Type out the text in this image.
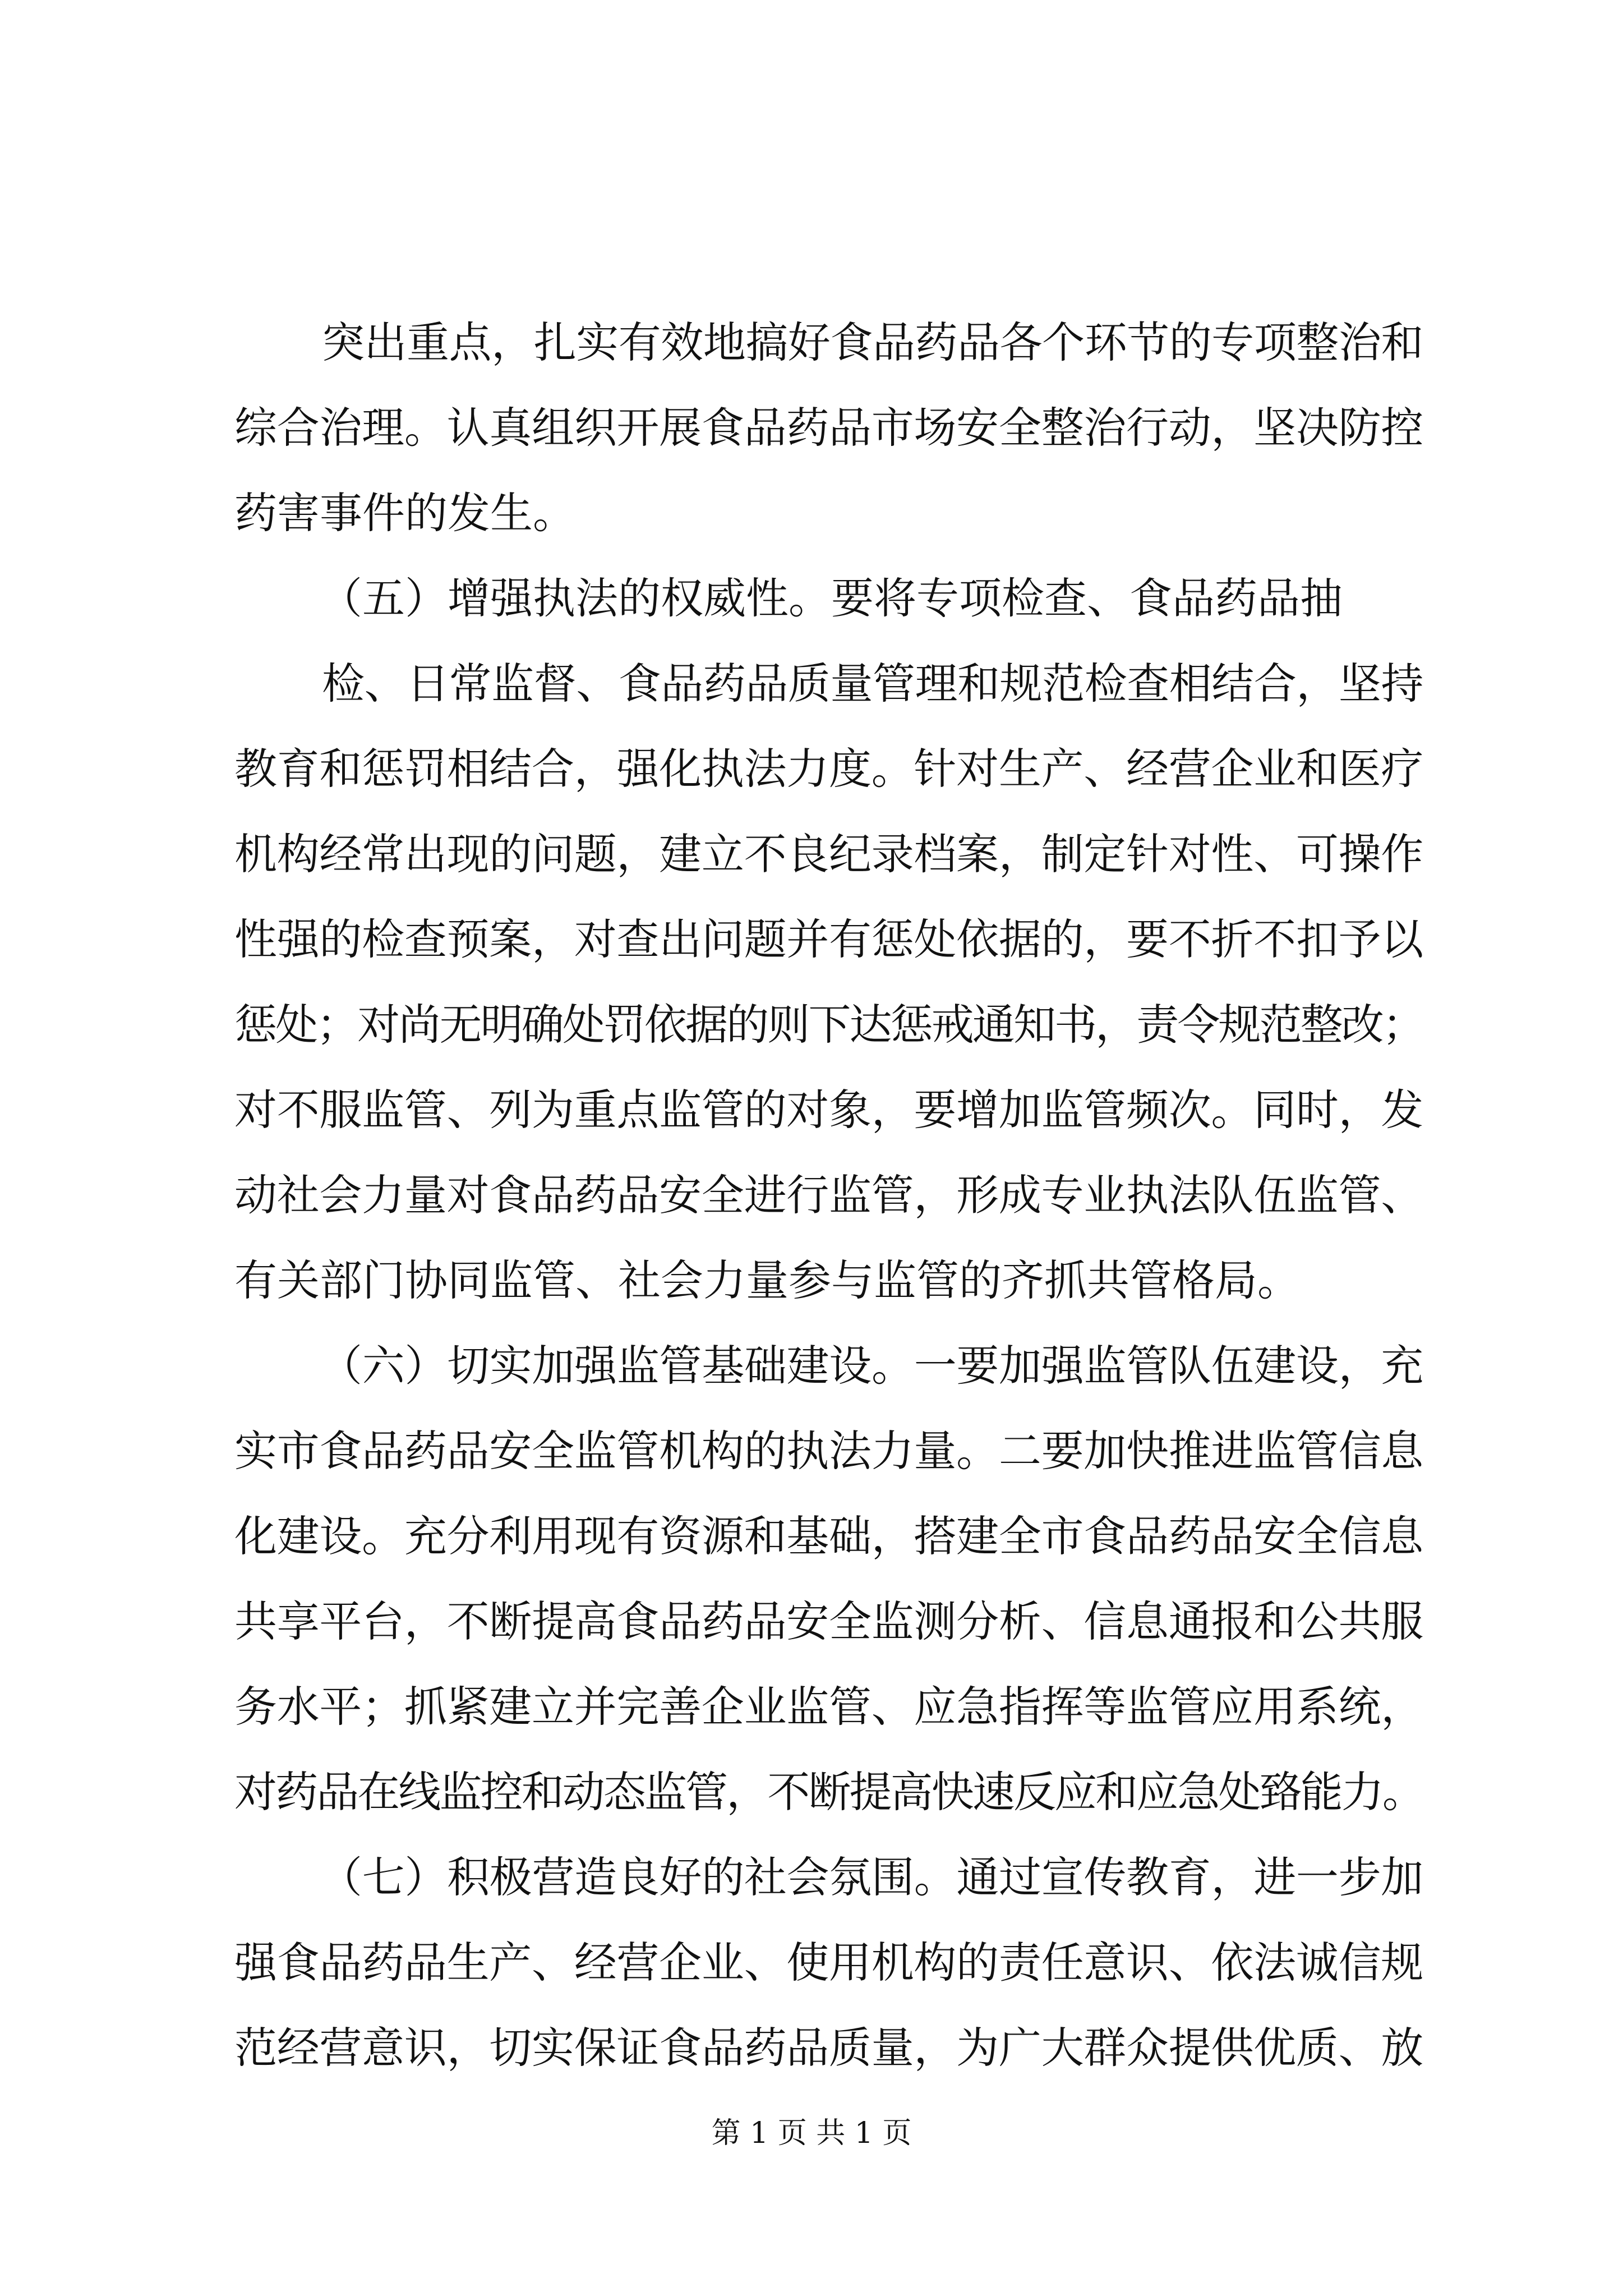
突出重点，扎实有效地搞好食品药品各个环节的专项整治和
综合治理。认真组织开展食品药品市场安全整治行动，坚决防控
药害事件的发生。
（五）增强执法的权威性。要将专项检查、食品药品抽
检、日常监督、食品药品质量管理和规范检查相结合，坚持
教育和惩罚相结合，强化执法力度。针对生产、经营企业和医疗
机构经常出现的问题，建立不良纪录档案，制定针对性、可操作
性强的检查预案，对查出问题并有惩处依据的，要不折不扣予以
惩处；对尚无明确处罚依据的则下达惩戒通知书，责令规范整改；
对不服监管、列为重点监管的对象，要增加监管频次。同时，发
动社会力量对食品药品安全进行监管，形成专业执法队伍监管、
有关部门协同监管、社会力量参与监管的齐抓共管格局。
（六）切实加强监管基础建设。一要加强监管队伍建设，充
实市食品药品安全监管机构的执法力量。二要加快推进监管信息
化建设。充分利用现有资源和基础，搭建全市食品药品安全信息
共享平台，不断提高食品药品安全监测分析、信息通报和公共服
务水平；抓紧建立并完善企业监管、应急指挥等监管应用系统，
对药品在线监控和动态监管，不断提高快速反应和应急处臵能力。
（七）积极营造良好的社会氛围。通过宣传教育，进一步加
强食品药品生产、经营企业、使用机构的责任意识、依法诚信规
范经营意识，切实保证食品药品质量，为广大群众提供优质、放
第 1 页 共 1 页
